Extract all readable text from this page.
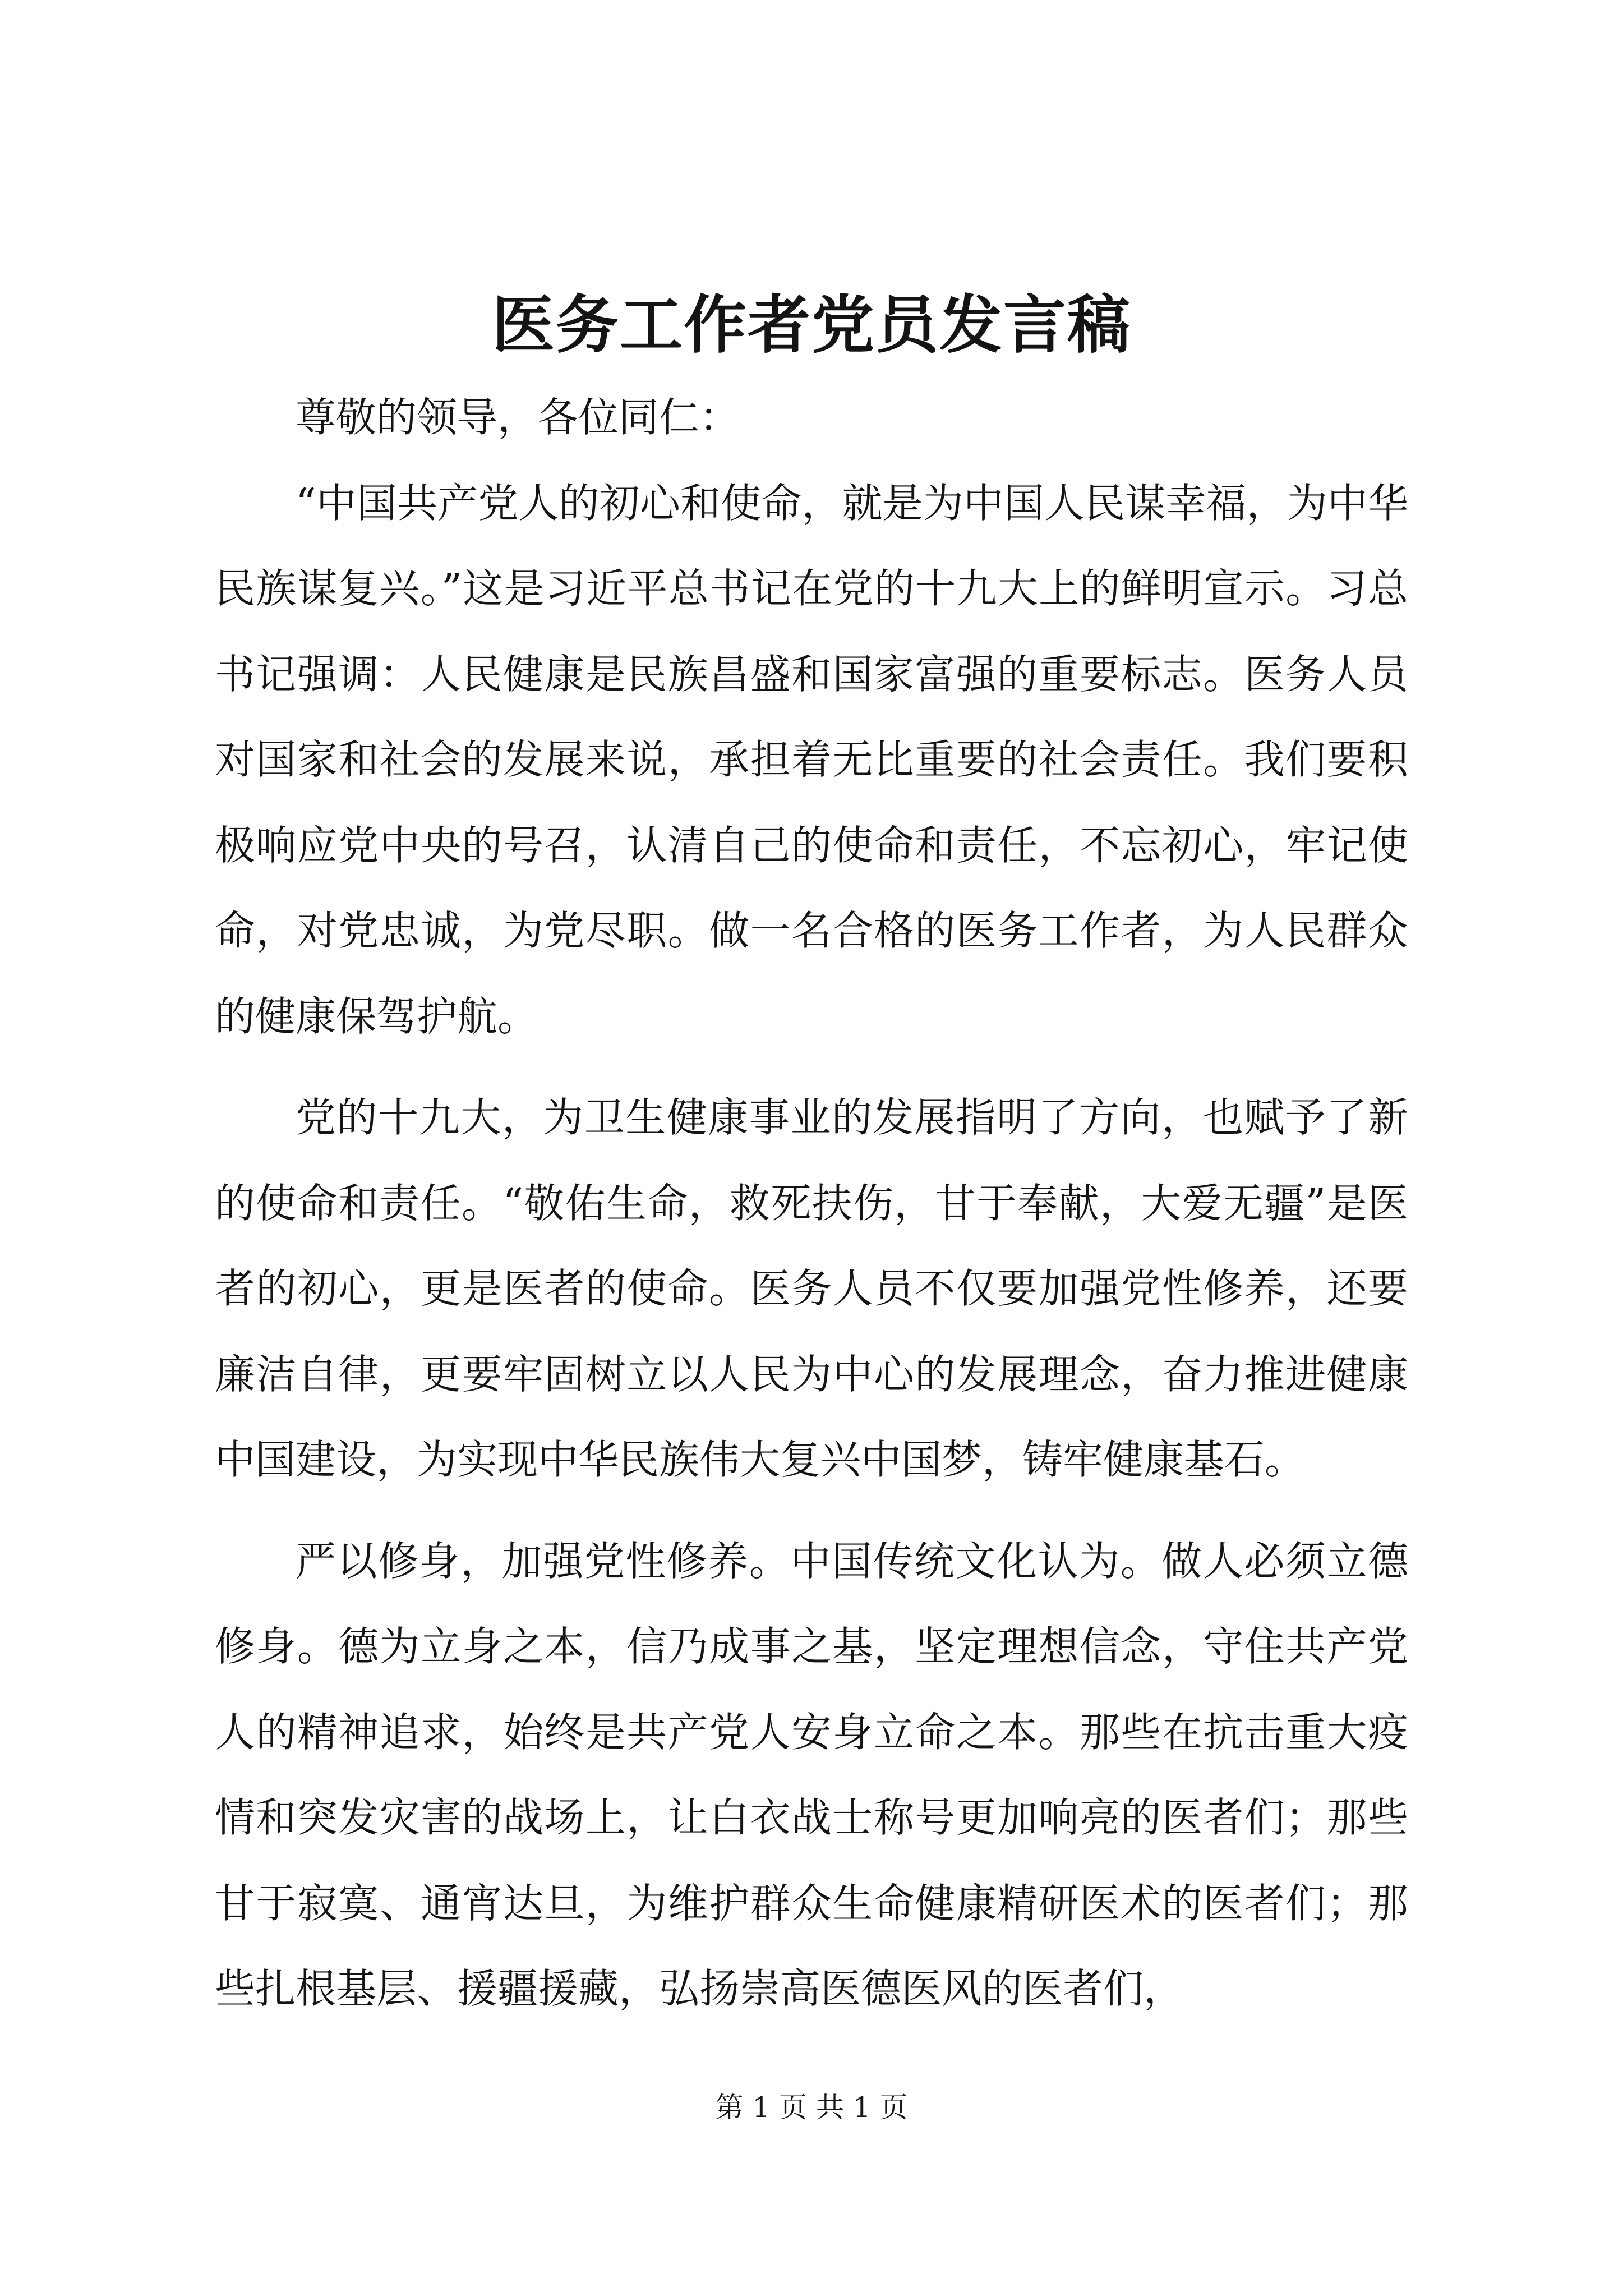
医务工作者党员发言稿

尊敬的领导，各位同仁：

“中国共产党人的初心和使命，就是为中国人民谋幸福，为中华民族谋复兴。”这是习近平总书记在党的十九大上的鲜明宣示。习总书记强调：人民健康是民族昌盛和国家富强的重要标志。医务人员对国家和社会的发展来说，承担着无比重要的社会责任。我们要积极响应党中央的号召，认清自己的使命和责任，不忘初心，牢记使命，对党忠诚，为党尽职。做一名合格的医务工作者，为人民群众的健康保驾护航。

党的十九大，为卫生健康事业的发展指明了方向，也赋予了新的使命和责任。“敬佑生命，救死扶伤，甘于奉献，大爱无疆”是医者的初心，更是医者的使命。医务人员不仅要加强党性修养，还要廉洁自律，更要牢固树立以人民为中心的发展理念，奋力推进健康中国建设，为实现中华民族伟大复兴中国梦，铸牢健康基石。

严以修身，加强党性修养。中国传统文化认为。做人必须立德修身。德为立身之本，信乃成事之基，坚定理想信念，守住共产党人的精神追求，始终是共产党人安身立命之本。那些在抗击重大疫情和突发灾害的战场上，让白衣战士称号更加响亮的医者们；那些甘于寂寞、通宵达旦，为维护群众生命健康精研医术的医者们；那些扎根基层、援疆援藏，弘扬崇高医德医风的医者们，

第 1 页 共 1 页
